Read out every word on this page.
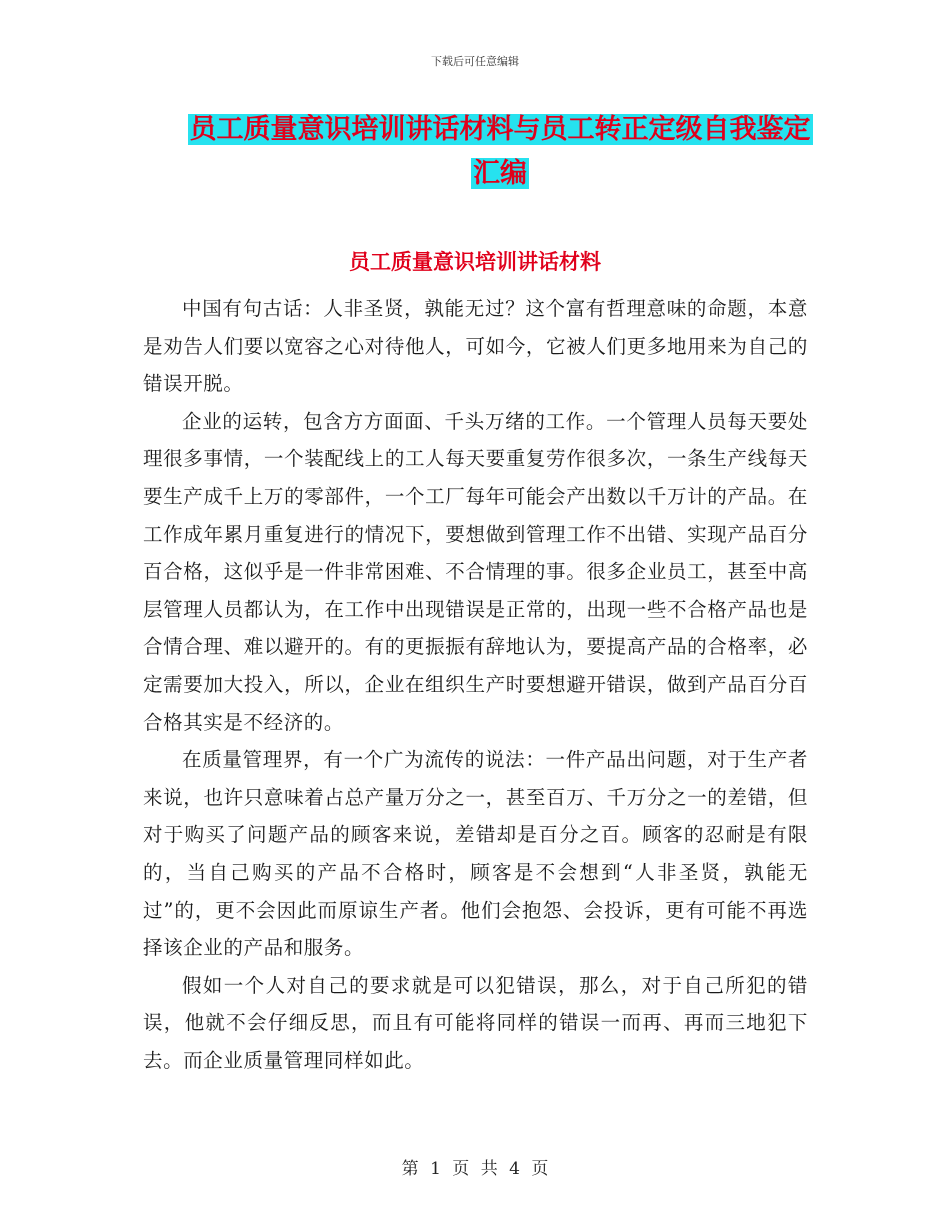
下载后可任意编辑
员工质量意识培训讲话材料与员工转正定级自我鉴定
汇编
员工质量意识培训讲话材料

中国有句古话：人非圣贤，孰能无过？这个富有哲理意味的命题，本意是劝告人们要以宽容之心对待他人，可如今，它被人们更多地用来为自己的错误开脱。

企业的运转，包含方方面面、千头万绪的工作。一个管理人员每天要处理很多事情，一个装配线上的工人每天要重复劳作很多次，一条生产线每天要生产成千上万的零部件，一个工厂每年可能会产出数以千万计的产品。在工作成年累月重复进行的情况下，要想做到管理工作不出错、实现产品百分百合格，这似乎是一件非常困难、不合情理的事。很多企业员工，甚至中高层管理人员都认为，在工作中出现错误是正常的，出现一些不合格产品也是合情合理、难以避开的。有的更振振有辞地认为，要提高产品的合格率，必定需要加大投入，所以，企业在组织生产时要想避开错误，做到产品百分百合格其实是不经济的。

在质量管理界，有一个广为流传的说法：一件产品出问题，对于生产者来说，也许只意味着占总产量万分之一，甚至百万、千万分之一的差错，但对于购买了问题产品的顾客来说，差错却是百分之百。顾客的忍耐是有限的，当自己购买的产品不合格时，顾客是不会想到“人非圣贤，孰能无过”的，更不会因此而原谅生产者。他们会抱怨、会投诉，更有可能不再选择该企业的产品和服务。

假如一个人对自己的要求就是可以犯错误，那么，对于自己所犯的错误，他就不会仔细反思，而且有可能将同样的错误一而再、再而三地犯下去。而企业质量管理同样如此。

第 1 页 共 4 页
